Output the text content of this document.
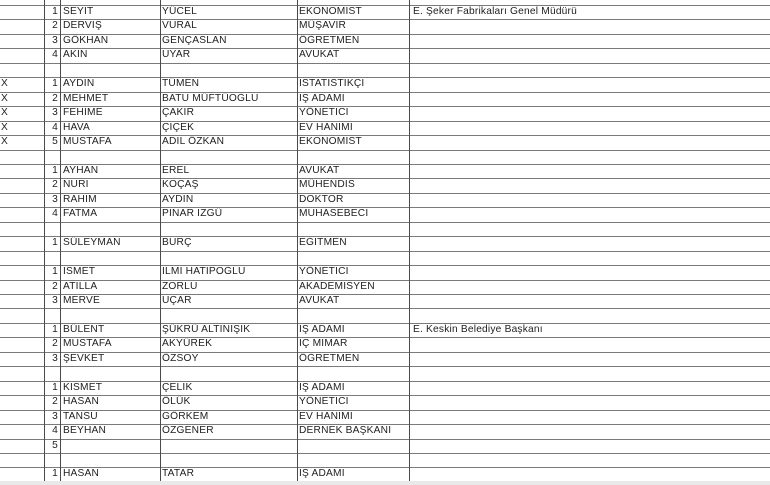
1 SEYİT	YÜCEL	EKONOMİST	E. Şeker Fabrikaları Genel Müdürü
2 DERVİŞ	VURAL	MÜŞAVİR
3 GÖKHAN	GENÇASLAN	ÖĞRETMEN
4 AKIN	UYAR	AVUKAT
X	1 AYDIN	TÜMEN	İSTATİSTİKÇİ
X	2 MEHMET	BATU MÜFTÜOĞLU	İŞ ADAMI
X	3 FEHİME	ÇAKIR	YÖNETİCİ
X	4 HAVA	ÇİÇEK	EV HANIMI
X	5 MUSTAFA	ADİL ÖZKAN	EKONOMİST
1 AYHAN	EREL	AVUKAT
2 NURİ	KOÇAŞ	MÜHENDİS
3 RAHİM	AYDIN	DOKTOR
4 FATMA	PINAR İZGÜ	MUHASEBECİ
1 SÜLEYMAN	BURÇ	EĞİTMEN
1 İSMET	İLMİ HATİPOĞLU	YÖNETİCİ
2 ATİLLA	ZORLU	AKADEMİSYEN
3 MERVE	UÇAR	AVUKAT
1 BÜLENT	ŞÜKRÜ ALTINIŞIK	İŞ ADAMI	E. Keskin Belediye Başkanı
2 MUSTAFA	AKYÜREK	İÇ MİMAR
3 ŞEVKET	ÖZSOY	ÖĞRETMEN
1 KISMET	ÇELİK	İŞ ADAMI
2 HASAN	ÖLÜK	YÖNETİCİ
3 TANSU	GÖRKEM	EV HANIMI
4 BEYHAN	ÖZGENER	DERNEK BAŞKANI
5
1 HASAN	TATAR	İŞ ADAMI
